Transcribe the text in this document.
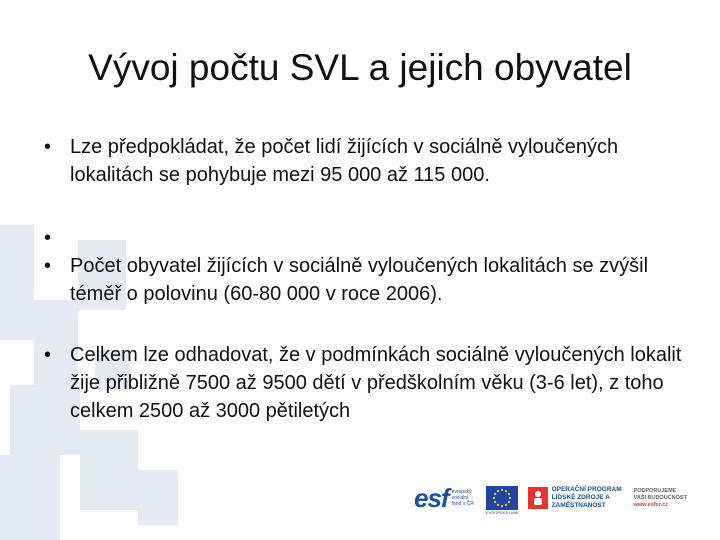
Vývoj počtu SVL a jejich obyvatel
• Lze předpokládat, že počet lidí žijících v sociálně vyloučených lokalitách se pohybuje mezi 95 000 až 115 000.
•
• Počet obyvatel žijících v sociálně vyloučených lokalitách se zvýšil téměř o polovinu (60-80 000 v roce 2006).
• Celkem lze odhadovat, že v podmínkách sociálně vyloučených lokalit žije přibližně 7500 až 9500 dětí v předškolním věku (3-6 let), z toho celkem 2500 až 3000 pětiletých
esf evropský sociální fond v ČR
EVROPSKÁ UNIE
OPERAČNÍ PROGRAM LIDSKÉ ZDROJE A ZAMĚSTNANOST
PODPORUJEME VAŠI BUDOUCNOST
www.esfcr.cz
